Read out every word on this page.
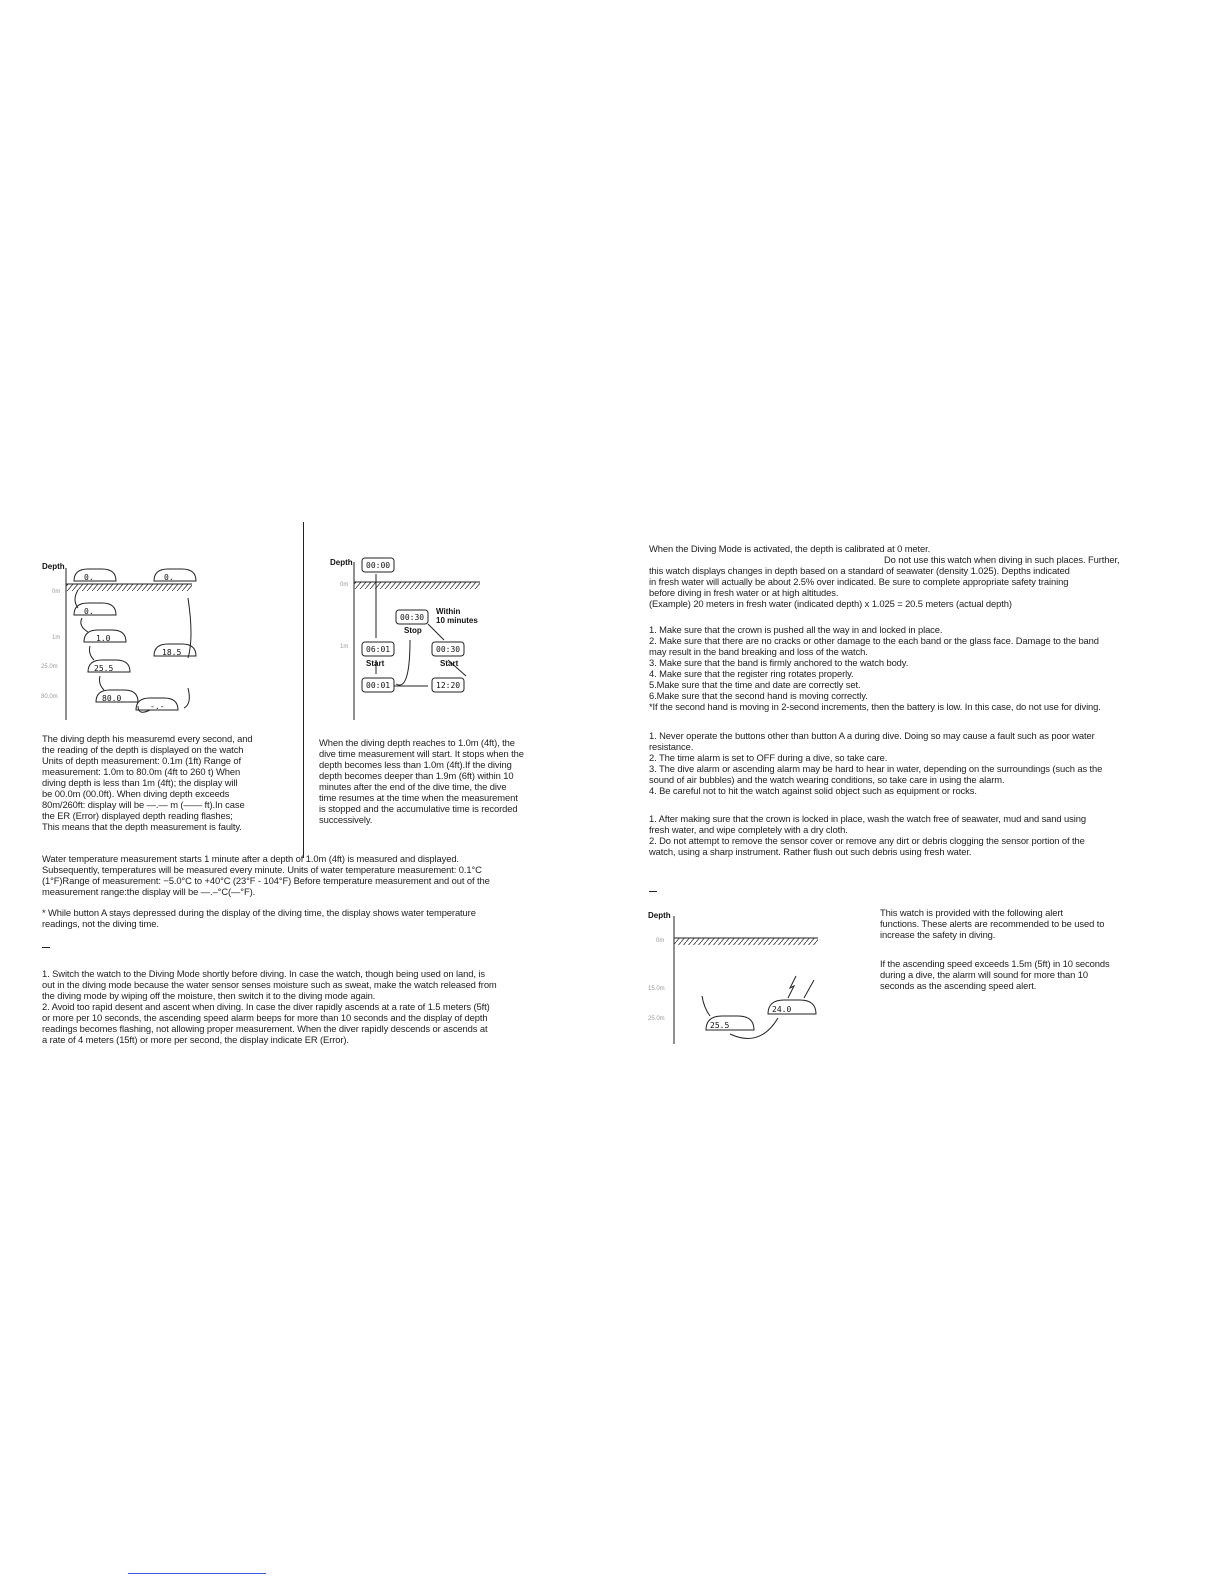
Depth
0m
1m
25.0m
80.0m
0.	0.
0.
1.0
25.5
80.0
18.5
-.-
Depth
0m
1m
00:00
00:30
00:30
06:01
00:01	12:20
Stop
Start	Start
Within
10 minutes

The diving depth his measuremd every second, and

the reading of the depth is displayed on the watch

Units of depth measurement: 0.1m (1ft) Range of

measurement: 1.0m to 80.0m (4ft to 260 t) When

diving depth is less than 1m (4ft); the display will

be 00.0m (00.0ft). When diving depth exceeds

80m/260ft: display will be —.— m (—— ft).In case

the ER (Error) displayed depth reading flashes;

This means that the depth measurement is faulty.

When the diving depth reaches to 1.0m (4ft), the

dive time measurement will start. It stops when the

depth becomes less than 1.0m (4ft).If the diving

depth becomes deeper than 1.9m (6ft) within 10

minutes after the end of the dive time, the dive

time resumes at the time when the measurement

is stopped and the accumulative time is recorded

successively.

Water temperature measurement starts 1 minute after a depth of 1.0m (4ft) is measured and displayed.

Subsequently, temperatures will be measured every minute. Units of water temperature measurement: 0.1°C

(1°F)Range of measurement: −5.0°C to +40°C (23°F - 104°F) Before temperature measurement and out of the

measurement range:the display will be —.–°C(—°F).

* While button A stays depressed during the display of the diving time, the display shows water temperature

readings, not the diving time.

1. Switch the watch to the Diving Mode shortly before diving. In case the watch, though being used on land, is

out in the diving mode because the water sensor senses moisture such as sweat, make the watch released from

the diving mode by wiping off the moisture, then switch it to the diving mode again.

2. Avoid too rapid desent and ascent when diving. In case the diver rapidly ascends at a rate of 1.5 meters (5ft)

or more per 10 seconds, the ascending speed alarm beeps for more than 10 seconds and the display of depth

readings becomes flashing, not allowing proper measurement. When the diver rapidly descends or ascends at

a rate of 4 meters (15ft) or more per second, the display indicate ER (Error).

When the Diving Mode is activated, the depth is calibrated at 0 meter.

Do not use this watch when diving in such places. Further,

this watch displays changes in depth based on a standard of seawater (density 1.025). Depths indicated

in fresh water will actually be about 2.5% over indicated. Be sure to complete appropriate safety training

before diving in fresh water or at high altitudes.

(Example) 20 meters in fresh water (indicated depth) x 1.025 = 20.5 meters (actual depth)

1. Make sure that the crown is pushed all the way in and locked in place.

2. Make sure that there are no cracks or other damage to the each band or the glass face. Damage to the band

may result in the band breaking and loss of the watch.

3. Make sure that the band is firmly anchored to the watch body.

4. Make sure that the register ring rotates properly.

5.Make sure that the time and date are correctly set.

6.Make sure that the second hand is moving correctly.

*If the second hand is moving in 2-second increments, then the battery is low. In this case, do not use for diving.

1. Never operate the buttons other than button A a during dive. Doing so may cause a fault such as poor water

resistance.

2. The time alarm is set to OFF during a dive, so take care.

3. The dive alarm or ascending alarm may be hard to hear in water, depending on the surroundings (such as the

sound of air bubbles) and the watch wearing conditions, so take care in using the alarm.

4. Be careful not to hit the watch against solid object such as equipment or rocks.

1. After making sure that the crown is locked in place, wash the watch free of seawater, mud and sand using

fresh water, and wipe completely with a dry cloth.

2. Do not attempt to remove the sensor cover or remove any dirt or debris clogging the sensor portion of the

watch, using a sharp instrument. Rather flush out such debris using fresh water.

Depth
0m
15.0m
25.0m
25.5
24.0

This watch is provided with the following alert

functions. These alerts are recommended to be used to

increase the safety in diving.

If the ascending speed exceeds 1.5m (5ft) in 10 seconds

during a dive, the alarm will sound for more than 10

seconds as the ascending speed alert.
